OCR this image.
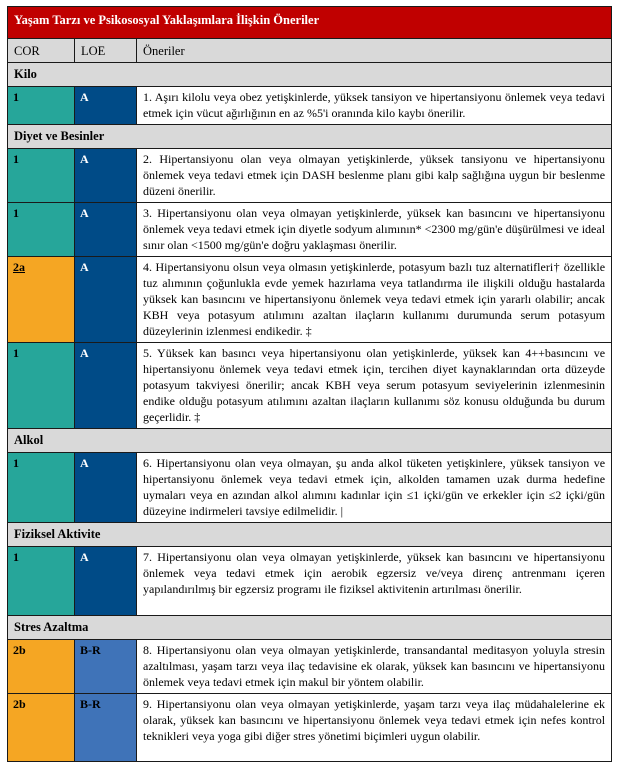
Yaşam Tarzı ve Psikososyal Yaklaşımlara İlişkin Öneriler		
COR	LOE	Öneriler
Kilo		
1	A	1. Aşırı kilolu veya obez yetişkinlerde, yüksek tansiyon ve hipertansiyonu önlemek veya tedavi etmek için vücut ağırlığının en az %5'i oranında kilo kaybı önerilir.
Diyet ve Besinler		
1	A	2. Hipertansiyonu olan veya olmayan yetişkinlerde, yüksek tansiyonu ve hipertansiyonu önlemek veya tedavi etmek için DASH beslenme planı gibi kalp sağlığına uygun bir beslenme düzeni önerilir.
1	A	3. Hipertansiyonu olan veya olmayan yetişkinlerde, yüksek kan basıncını ve hipertansiyonu önlemek veya tedavi etmek için diyetle sodyum alımının* <2300 mg/gün'e düşürülmesi ve ideal sınır olan <1500 mg/gün'e doğru yaklaşması önerilir.
2a	A	4. Hipertansiyonu olsun veya olmasın yetişkinlerde, potasyum bazlı tuz alternatifleri† özellikle tuz alımının çoğunlukla evde yemek hazırlama veya tatlandırma ile ilişkili olduğu hastalarda yüksek kan basıncını ve hipertansiyonu önlemek veya tedavi etmek için yararlı olabilir; ancak KBH veya potasyum atılımını azaltan ilaçların kullanımı durumunda serum potasyum düzeylerinin izlenmesi endikedir. ‡
1	A	5. Yüksek kan basıncı veya hipertansiyonu olan yetişkinlerde, yüksek kan 4++basıncını ve hipertansiyonu önlemek veya tedavi etmek için, tercihen diyet kaynaklarından orta düzeyde potasyum takviyesi önerilir; ancak KBH veya serum potasyum seviyelerinin izlenmesinin endike olduğu potasyum atılımını azaltan ilaçların kullanımı söz konusu olduğunda bu durum geçerlidir. ‡
Alkol		
1	A	6. Hipertansiyonu olan veya olmayan, şu anda alkol tüketen yetişkinlere, yüksek tansiyon ve hipertansiyonu önlemek veya tedavi etmek için, alkolden tamamen uzak durma hedefine uymaları veya en azından alkol alımını kadınlar için ≤1 içki/gün ve erkekler için ≤2 içki/gün düzeyine indirmeleri tavsiye edilmelidir. |
Fiziksel Aktivite		
1	A	7. Hipertansiyonu olan veya olmayan yetişkinlerde, yüksek kan basıncını ve hipertansiyonu önlemek veya tedavi etmek için aerobik egzersiz ve/veya direnç antrenmanı içeren yapılandırılmış bir egzersiz programı ile fiziksel aktivitenin artırılması önerilir.
Stres Azaltma		
2b	B-R	8. Hipertansiyonu olan veya olmayan yetişkinlerde, transandantal meditasyon yoluyla stresin azaltılması, yaşam tarzı veya ilaç tedavisine ek olarak, yüksek kan basıncını ve hipertansiyonu önlemek veya tedavi etmek için makul bir yöntem olabilir.
2b	B-R	9. Hipertansiyonu olan veya olmayan yetişkinlerde, yaşam tarzı veya ilaç müdahalelerine ek olarak, yüksek kan basıncını ve hipertansiyonu önlemek veya tedavi etmek için nefes kontrol teknikleri veya yoga gibi diğer stres yönetimi biçimleri uygun olabilir.
